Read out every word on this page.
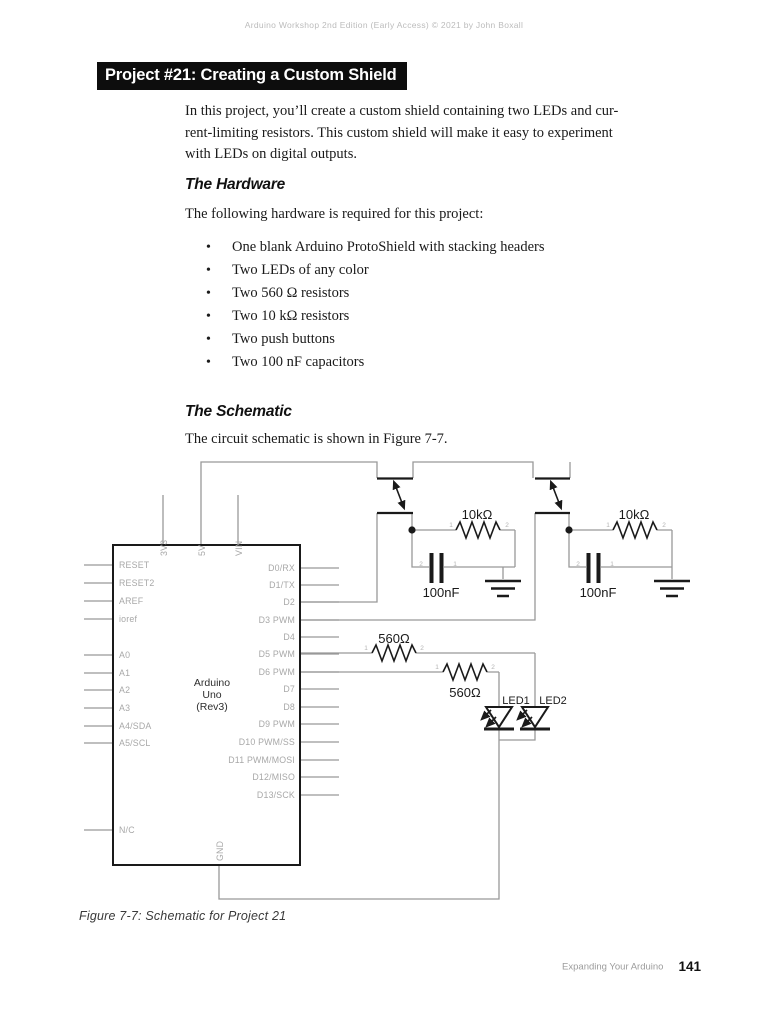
Arduino Workshop 2nd Edition (Early Access) © 2021 by John Boxall
Project #21: Creating a Custom Shield
In this project, you’ll create a custom shield containing two LEDs and cur-
rent-limiting resistors. This custom shield will make it easy to experiment
with LEDs on digital outputs.
The Hardware
The following hardware is required for this project:
• One blank Arduino ProtoShield with stacking headers
• Two LEDs of any color
• Two 560 Ω resistors
• Two 10 kΩ resistors
• Two push buttons
• Two 100 nF capacitors
The Schematic
The circuit schematic is shown in Figure 7-7.
RESET
RESET2
AREF
ioref
A0
A1
A2
A3
A4/SDA
A5/SCL
N/C
D0/RX
D1/TX
D2
D3 PWM
D4
D5 PWM
D6 PWM
D7
D8
D9 PWM
D10 PWM/SS
D11 PWM/MOSI
D12/MISO
D13/SCK
3V3	5V	VIN
GND
Arduino
Uno
(Rev3)
10kΩ	10kΩ
100nF	100nF
560Ω
560Ω
LED1 LED2
1	2	1	2
2	1	2	1
1	2
1	2
Figure 7-7: Schematic for Project 21
Expanding Your Arduino 141
